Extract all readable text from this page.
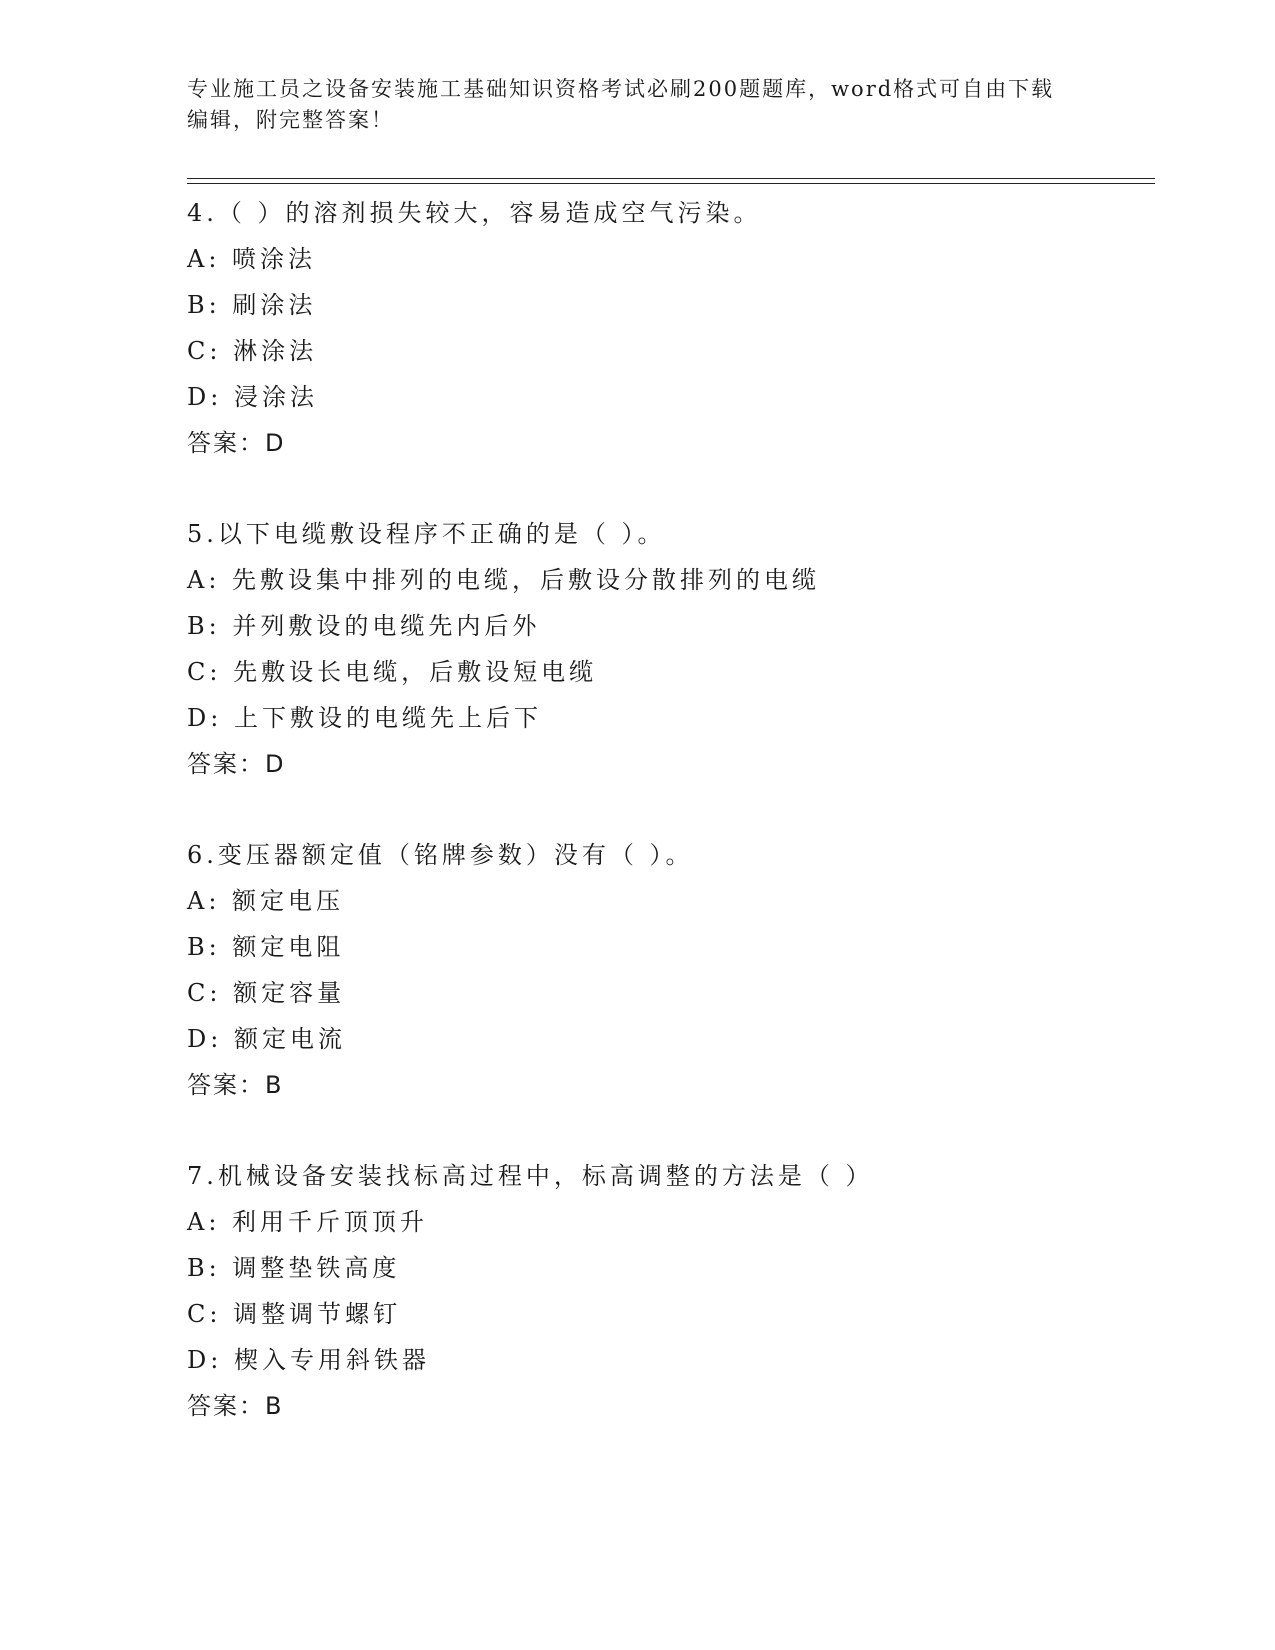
专业施工员之设备安装施工基础知识资格考试必刷200题题库，word格式可自由下载编辑，附完整答案！
4.（ ）的溶剂损失较大，容易造成空气污染。
A: 喷涂法
B: 刷涂法
C: 淋涂法
D: 浸涂法
答案：D
5.以下电缆敷设程序不正确的是（ ）。
A: 先敷设集中排列的电缆，后敷设分散排列的电缆
B: 并列敷设的电缆先内后外
C: 先敷设长电缆，后敷设短电缆
D: 上下敷设的电缆先上后下
答案：D
6.变压器额定值（铭牌参数）没有（ ）。
A: 额定电压
B: 额定电阻
C: 额定容量
D: 额定电流
答案：B
7.机械设备安装找标高过程中，标高调整的方法是（ ）
A: 利用千斤顶顶升
B: 调整垫铁高度
C: 调整调节螺钉
D: 楔入专用斜铁器
答案：B
